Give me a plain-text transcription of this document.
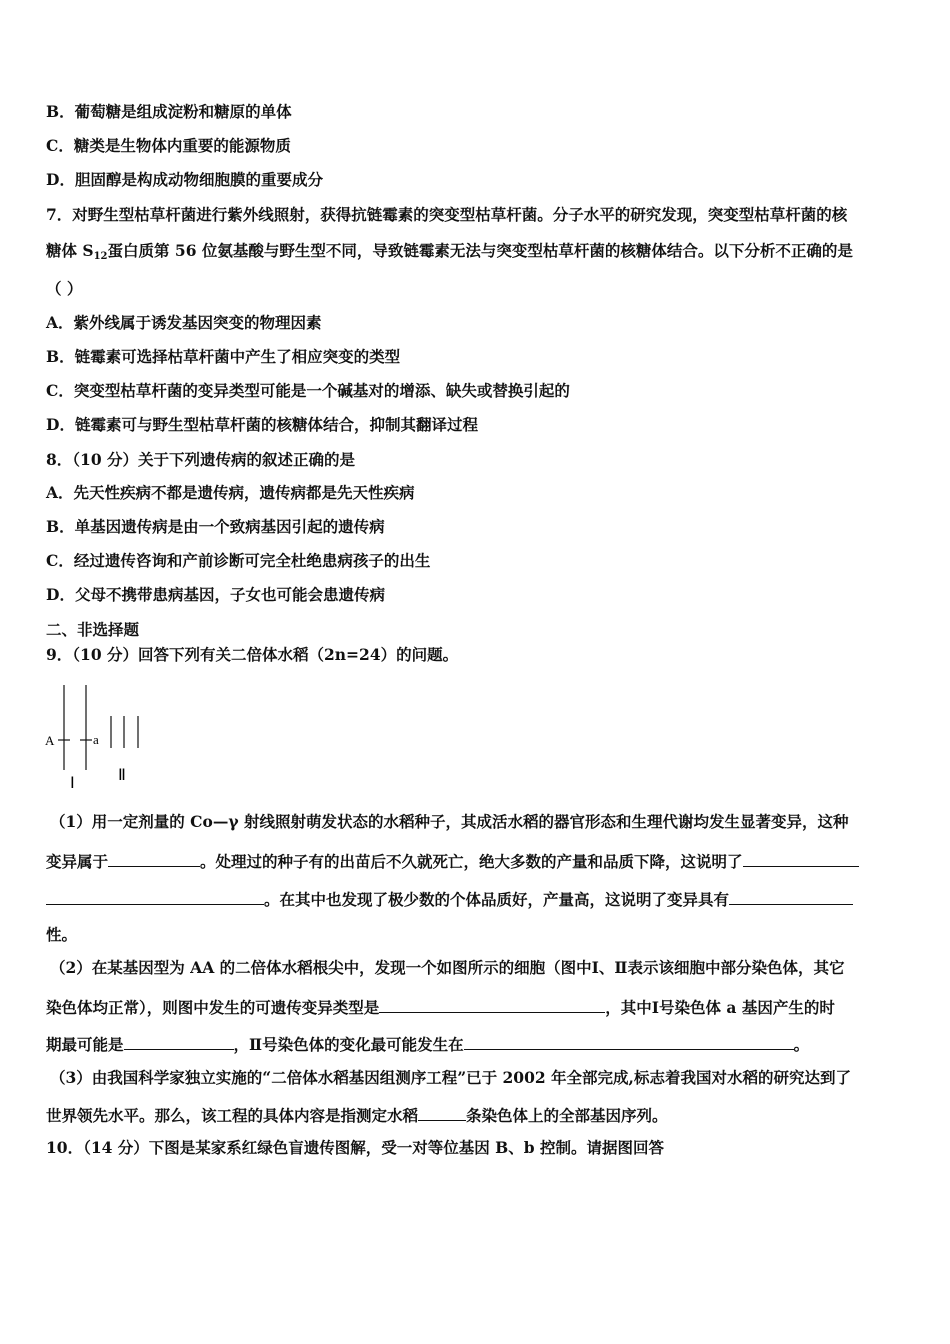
B．葡萄糖是组成淀粉和糖原的单体
C．糖类是生物体内重要的能源物质
D．胆固醇是构成动物细胞膜的重要成分
7．对野生型枯草杆菌进行紫外线照射，获得抗链霉素的突变型枯草杆菌。分子水平的研究发现，突变型枯草杆菌的核
糖体 $S_{12}$蛋白质第 56 位氨基酸与野生型不同，导致链霉素无法与突变型枯草杆菌的核糖体结合。以下分析不正确的是
（ ）
A．紫外线属于诱发基因突变的物理因素
B．链霉素可选择枯草杆菌中产生了相应突变的类型
C．突变型枯草杆菌的变异类型可能是一个碱基对的增添、缺失或替换引起的
D．链霉素可与野生型枯草杆菌的核糖体结合，抑制其翻译过程
8．（10 分）关于下列遗传病的叙述正确的是
A．先天性疾病不都是遗传病，遗传病都是先天性疾病
B．单基因遗传病是由一个致病基因引起的遗传病
C．经过遗传咨询和产前诊断可完全杜绝患病孩子的出生
D．父母不携带患病基因，子女也可能会患遗传病
二、非选择题
9．（10 分）回答下列有关二倍体水稻（2n=24）的问题。
A	a
Ⅰ	Ⅱ
（1）用一定剂量的 Co—γ 射线照射萌发状态的水稻种子，其成活水稻的器官形态和生理代谢均发生显著变异，这种
变异属于	。处理过的种子有的出苗后不久就死亡，绝大多数的产量和品质下降，这说明了
。在其中也发现了极少数的个体品质好，产量高，这说明了变异具有
性。
（2）在某基因型为 AA 的二倍体水稻根尖中，发现一个如图所示的细胞（图中Ⅰ、Ⅱ表示该细胞中部分染色体，其它
染色体均正常），则图中发生的可遗传变异类型是	，其中Ⅰ号染色体 a 基因产生的时
期最可能是	，Ⅱ号染色体的变化最可能发生在	。
（3）由我国科学家独立实施的“二倍体水稻基因组测序工程”已于 2002 年全部完成,标志着我国对水稻的研究达到了
世界领先水平。那么，该工程的具体内容是指测定水稻	条染色体上的全部基因序列。
10．（14 分）下图是某家系红绿色盲遗传图解，受一对等位基因 B、b 控制。请据图回答
